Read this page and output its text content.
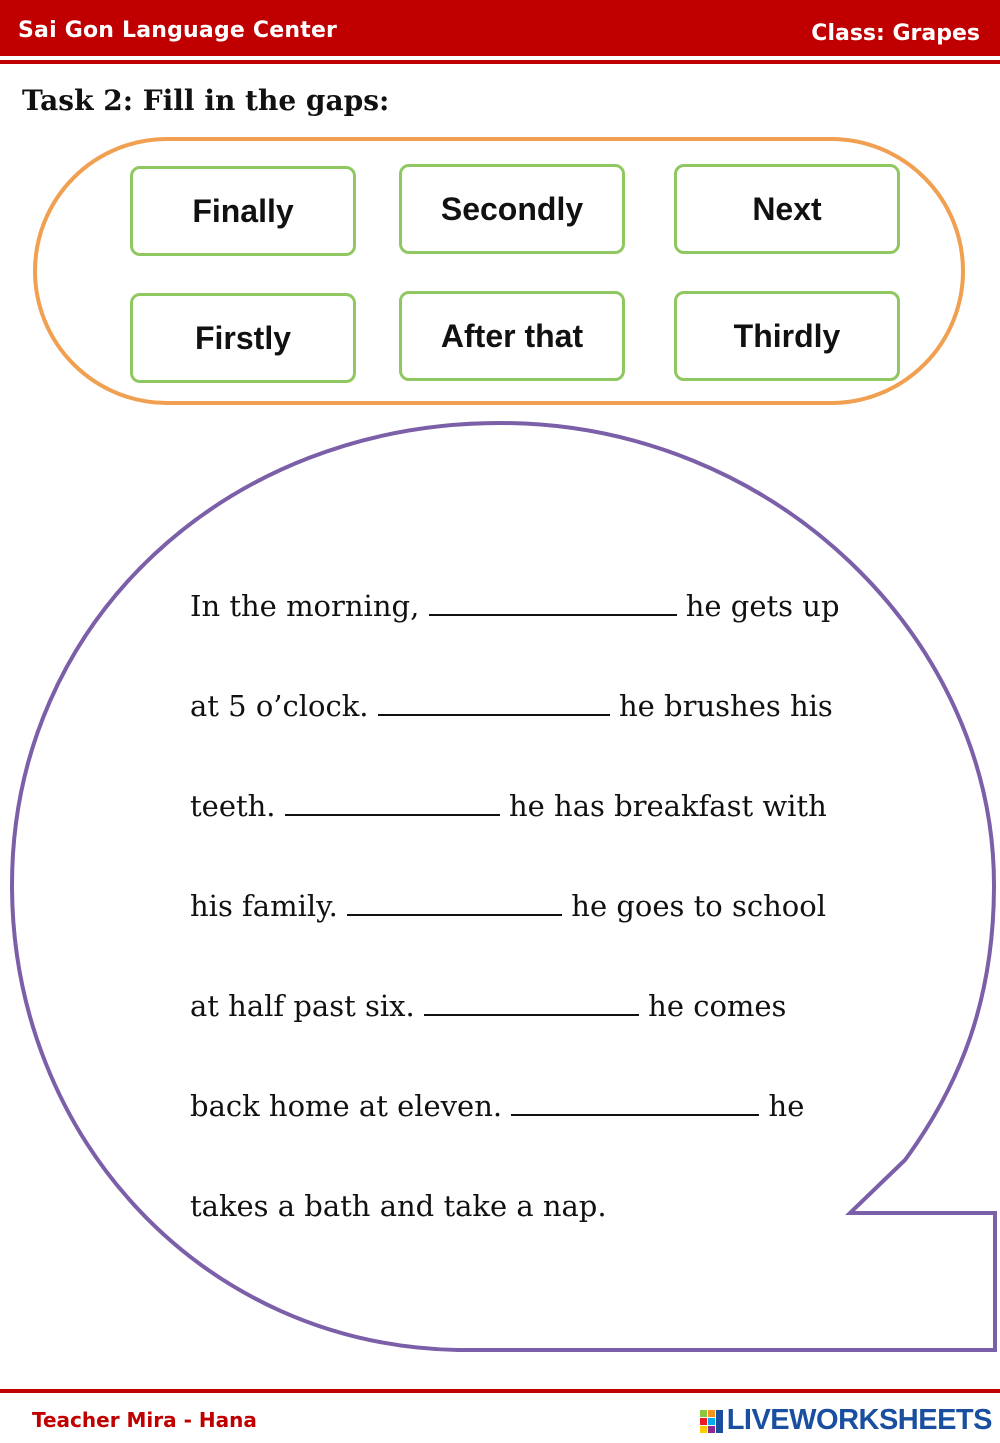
Sai Gon Language Center	Class: Grapes
Task 2: Fill in the gaps:
Finally	Secondly	Next
Firstly	After that	Thirdly
In the morning,	he gets up
at 5 o’clock.	he brushes his
teeth.	he has breakfast with
his family.	he goes to school
at half past six.	he comes
back home at eleven.	he
takes a bath and take a nap.
Teacher Mira - Hana	LIVEWORKSHEETS
